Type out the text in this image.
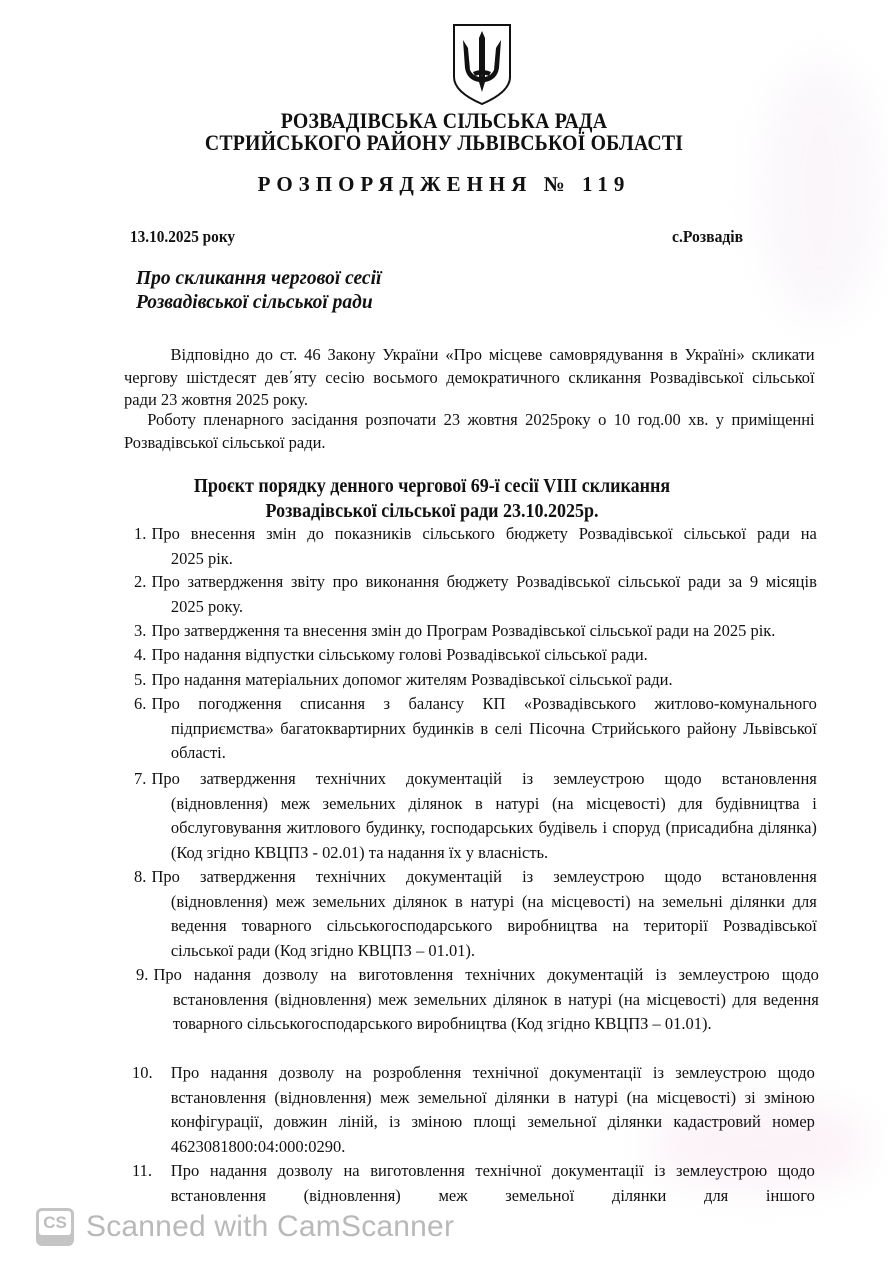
РОЗВАДІВСЬКА СІЛЬСЬКА РАДА
СТРИЙСЬКОГО РАЙОНУ ЛЬВІВСЬКОЇ ОБЛАСТІ
РОЗПОРЯДЖЕННЯ № 119
13.10.2025 року	с.Розвадів
Про скликання чергової сесії
Розвадівської сільської ради
Відповідно до ст. 46 Закону України «Про місцеве самоврядування в Україні» скликати чергову шістдесят дев΄яту сесію восьмого демократичного скликання Розвадівської сільської ради 23 жовтня 2025 року.
Роботу пленарного засідання розпочати 23 жовтня 2025року о 10 год.00 хв. у приміщенні Розвадівської сільської ради.
Проєкт порядку денного чергової 69-ї сесії VIII скликання
Розвадівської сільської ради 23.10.2025р.
1. Про внесення змін до показників сільського бюджету Розвадівської сільської ради на
2025 рік.
2. Про затвердження звіту про виконання бюджету Розвадівської сільської ради за 9 місяців
2025 року.
3. Про затвердження та внесення змін до Програм Розвадівської сільської ради на 2025 рік.
4. Про надання відпустки сільському голові Розвадівської сільської ради.
5. Про надання матеріальних допомог жителям Розвадівської сільської ради.
6. Про погодження списання з балансу КП «Розвадівського житлово-комунального
підприємства» багатоквартирних будинків в селі Пісочна Стрийського району Львівської області.
7. Про затвердження технічних документацій із землеустрою щодо встановлення
(відновлення) меж земельних ділянок в натурі (на місцевості) для будівництва і обслуговування житлового будинку, господарських будівель і споруд (присадибна ділянка) (Код згідно КВЦПЗ - 02.01) та надання їх у власність.
8. Про затвердження технічних документацій із землеустрою щодо встановлення
(відновлення) меж земельних ділянок в натурі (на місцевості) на земельні ділянки для ведення товарного сільськогосподарського виробництва на території Розвадівської сільської ради (Код згідно КВЦПЗ – 01.01).
9. Про надання дозволу на виготовлення технічних документацій із землеустрою щодо
встановлення (відновлення) меж земельних ділянок в натурі (на місцевості) для ведення товарного сільськогосподарського виробництва (Код згідно КВЦПЗ – 01.01).
10. Про надання дозволу на розроблення технічної документації із землеустрою щодо
встановлення (відновлення) меж земельної ділянки в натурі (на місцевості) зі зміною конфігурації, довжин ліній, із зміною площі земельної ділянки кадастровий номер 4623081800:04:000:0290.
11. Про надання дозволу на виготовлення технічної документації із землеустрою щодо
встановлення (відновлення) меж земельної ділянки для іншого
CS Scanned with CamScanner
